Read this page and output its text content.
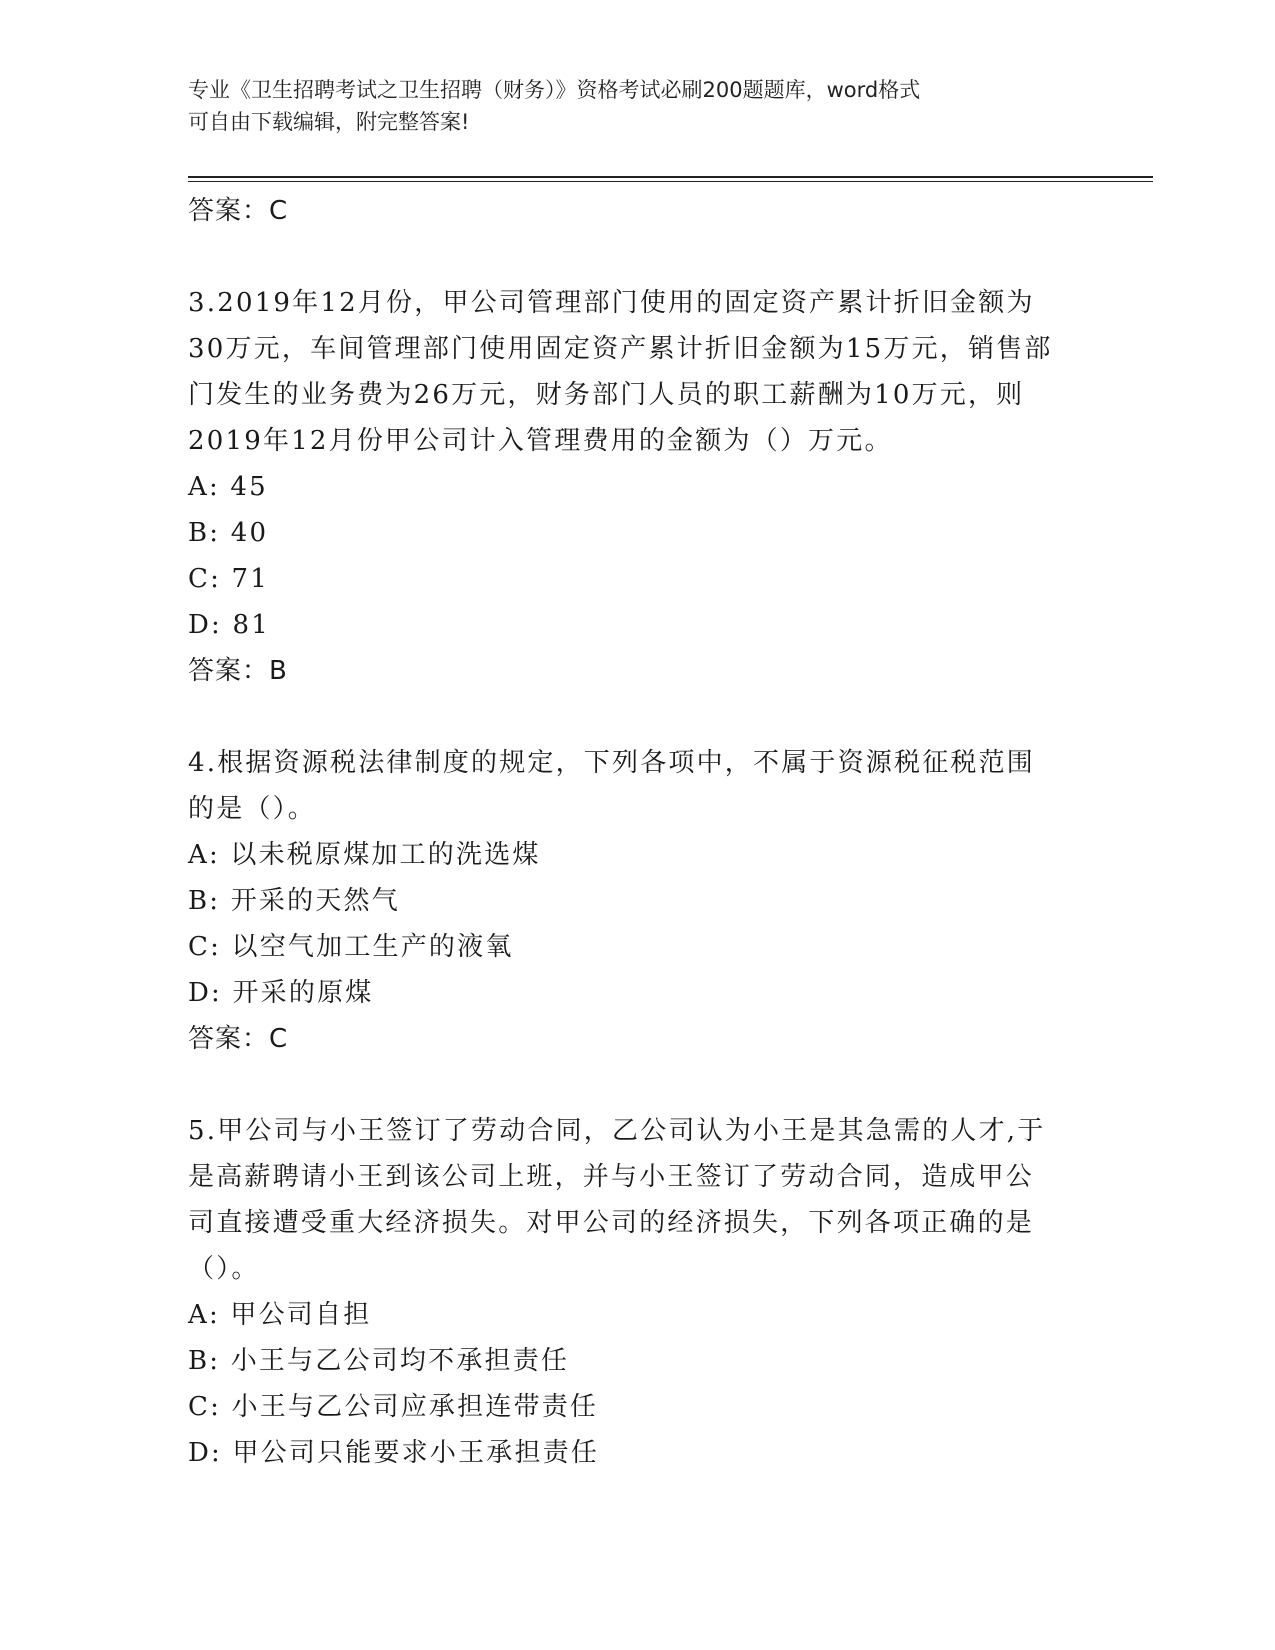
专业《卫生招聘考试之卫生招聘（财务）》资格考试必刷200题题库，word格式
可自由下载编辑，附完整答案!
答案：C
3.2019年12月份，甲公司管理部门使用的固定资产累计折旧金额为
30万元，车间管理部门使用固定资产累计折旧金额为15万元，销售部
门发生的业务费为26万元，财务部门人员的职工薪酬为10万元，则
2019年12月份甲公司计入管理费用的金额为（）万元。
A: 45
B: 40
C: 71
D: 81
答案：B
4.根据资源税法律制度的规定，下列各项中，不属于资源税征税范围
的是（）。
A: 以未税原煤加工的洗选煤
B: 开采的天然气
C: 以空气加工生产的液氧
D: 开采的原煤
答案：C
5.甲公司与小王签订了劳动合同，乙公司认为小王是其急需的人才,于
是高薪聘请小王到该公司上班，并与小王签订了劳动合同，造成甲公
司直接遭受重大经济损失。对甲公司的经济损失，下列各项正确的是
（）。
A: 甲公司自担
B: 小王与乙公司均不承担责任
C: 小王与乙公司应承担连带责任
D: 甲公司只能要求小王承担责任
